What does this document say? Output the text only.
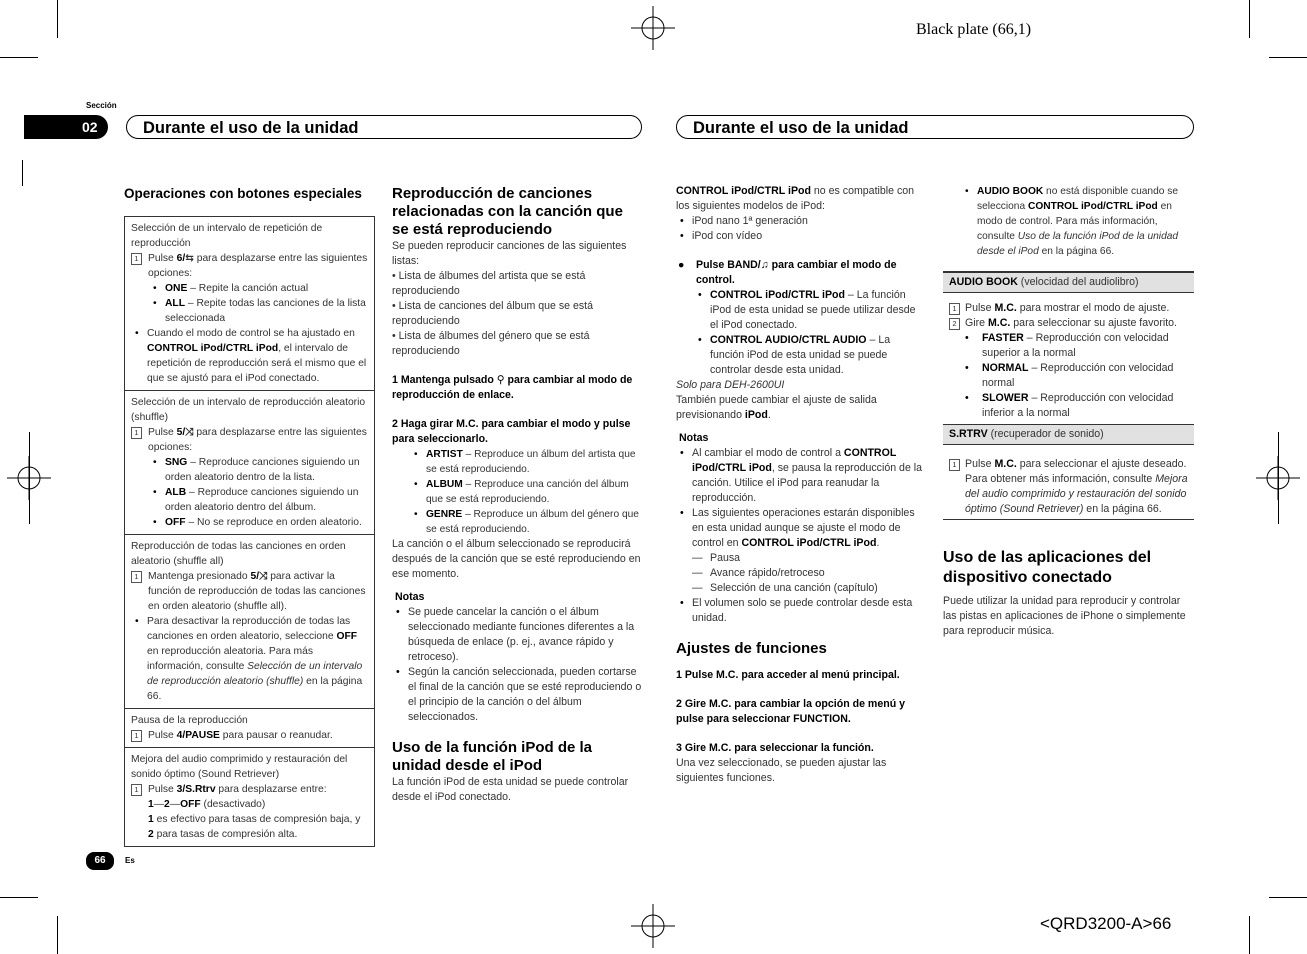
Black plate (66,1)
<QRD3200-A>66
Sección
02	Durante el uso de la unidad	Durante el uso de la unidad
66	Es
Operaciones con botones especiales
Selección de un intervalo de repetición de reproducción
1 Pulse 6/⇆ para desplazarse entre las siguientes opciones:
• ONE – Repite la canción actual
• ALL – Repite todas las canciones de la lista seleccionada
• Cuando el modo de control se ha ajustado en CONTROL iPod/CTRL iPod, el intervalo de repetición de reproducción será el mismo que el que se ajustó para el iPod conectado.
Selección de un intervalo de reproducción aleatorio (shuffle)
1 Pulse 5/⤨ para desplazarse entre las siguientes opciones:
• SNG – Reproduce canciones siguiendo un orden aleatorio dentro de la lista.
• ALB – Reproduce canciones siguiendo un orden aleatorio dentro del álbum.
• OFF – No se reproduce en orden aleatorio.
Reproducción de todas las canciones en orden aleatorio (shuffle all)
1 Mantenga presionado 5/⤨ para activar la función de reproducción de todas las canciones en orden aleatorio (shuffle all).
• Para desactivar la reproducción de todas las canciones en orden aleatorio, seleccione OFF en reproducción aleatoria. Para más información, consulte Selección de un intervalo de reproducción aleatorio (shuffle) en la página 66.
Pausa de la reproducción
1 Pulse 4/PAUSE para pausar o reanudar.
Mejora del audio comprimido y restauración del sonido óptimo (Sound Retriever)
1 Pulse 3/S.Rtrv para desplazarse entre:
1—2—OFF (desactivado)
1 es efectivo para tasas de compresión baja, y
2 para tasas de compresión alta.
Reproducción de canciones relacionadas con la canción que se está reproduciendo
Se pueden reproducir canciones de las siguientes listas:
• Lista de álbumes del artista que se está reproduciendo
• Lista de canciones del álbum que se está reproduciendo
• Lista de álbumes del género que se está reproduciendo
1 Mantenga pulsado ⚲ para cambiar al modo de reproducción de enlace.
2 Haga girar M.C. para cambiar el modo y pulse para seleccionarlo.
• ARTIST – Reproduce un álbum del artista que se está reproduciendo.
• ALBUM – Reproduce una canción del álbum que se está reproduciendo.
• GENRE – Reproduce un álbum del género que se está reproduciendo.
La canción o el álbum seleccionado se reproducirá después de la canción que se esté reproduciendo en ese momento.
Notas
• Se puede cancelar la canción o el álbum seleccionado mediante funciones diferentes a la búsqueda de enlace (p. ej., avance rápido y retroceso).
• Según la canción seleccionada, pueden cortarse el final de la canción que se esté reproduciendo o el principio de la canción o del álbum seleccionados.
Uso de la función iPod de la unidad desde el iPod
La función iPod de esta unidad se puede controlar desde el iPod conectado.
CONTROL iPod/CTRL iPod no es compatible con los siguientes modelos de iPod:
• iPod nano 1ª generación
• iPod con vídeo
● Pulse BAND/♫ para cambiar el modo de control.
• CONTROL iPod/CTRL iPod – La función iPod de esta unidad se puede utilizar desde el iPod conectado.
• CONTROL AUDIO/CTRL AUDIO – La función iPod de esta unidad se puede controlar desde esta unidad.
Solo para DEH-2600UI
También puede cambiar el ajuste de salida previsionando iPod.
Notas
• Al cambiar el modo de control a CONTROL iPod/CTRL iPod, se pausa la reproducción de la canción. Utilice el iPod para reanudar la reproducción.
• Las siguientes operaciones estarán disponibles en esta unidad aunque se ajuste el modo de control en CONTROL iPod/CTRL iPod.
— Pausa
— Avance rápido/retroceso
— Selección de una canción (capítulo)
• El volumen solo se puede controlar desde esta unidad.
Ajustes de funciones
1 Pulse M.C. para acceder al menú principal.
2 Gire M.C. para cambiar la opción de menú y pulse para seleccionar FUNCTION.
3 Gire M.C. para seleccionar la función.
Una vez seleccionado, se pueden ajustar las siguientes funciones.
• AUDIO BOOK no está disponible cuando se selecciona CONTROL iPod/CTRL iPod en modo de control. Para más información, consulte Uso de la función iPod de la unidad desde el iPod en la página 66.
AUDIO BOOK (velocidad del audiolibro)
1 Pulse M.C. para mostrar el modo de ajuste.
2 Gire M.C. para seleccionar su ajuste favorito.
• FASTER – Reproducción con velocidad superior a la normal
• NORMAL – Reproducción con velocidad normal
• SLOWER – Reproducción con velocidad inferior a la normal
S.RTRV (recuperador de sonido)
1 Pulse M.C. para seleccionar el ajuste deseado. Para obtener más información, consulte Mejora del audio comprimido y restauración del sonido óptimo (Sound Retriever) en la página 66.
Uso de las aplicaciones del dispositivo conectado
Puede utilizar la unidad para reproducir y controlar las pistas en aplicaciones de iPhone o simplemente para reproducir música.
